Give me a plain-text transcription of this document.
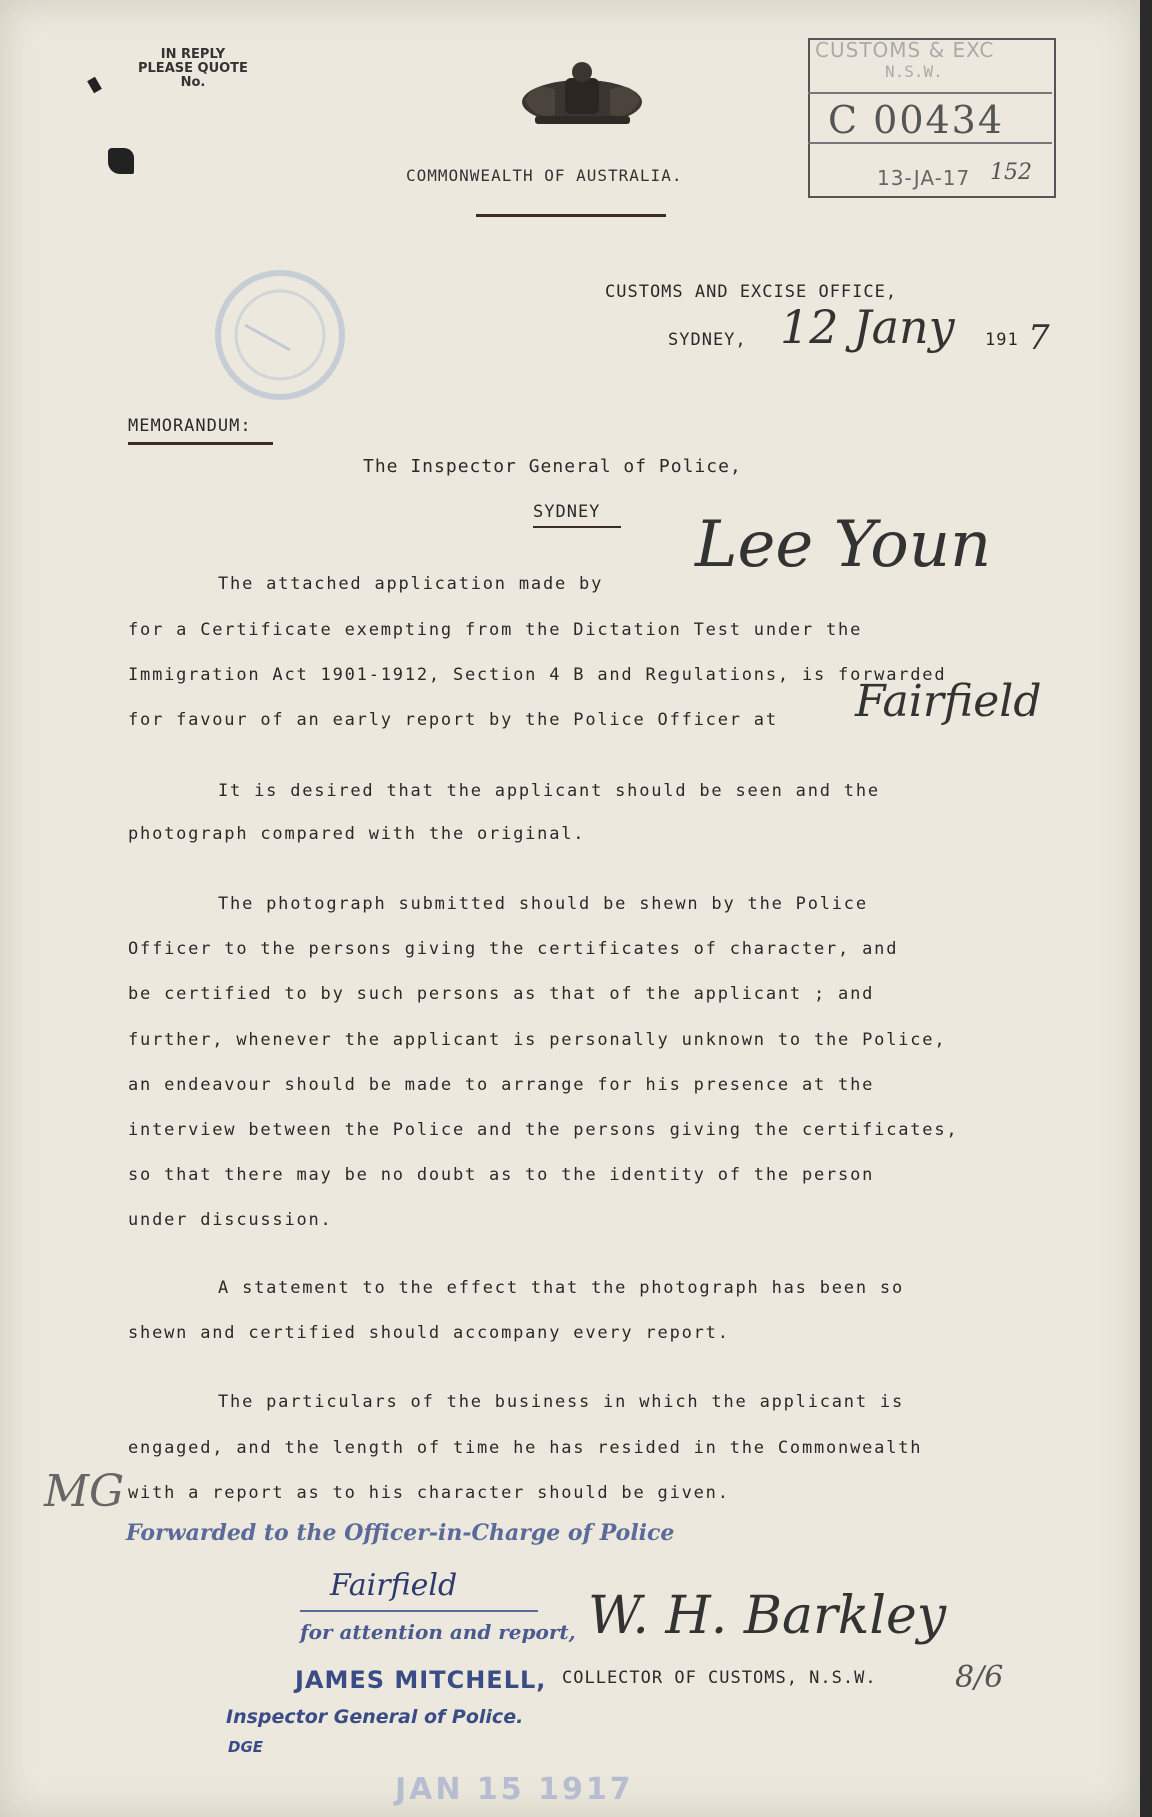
IN REPLY
PLEASE QUOTE
No.
COMMONWEALTH OF AUSTRALIA.
CUSTOMS & EXC
N.S.W.
C 00434
13-JA-17 152
CUSTOMS AND EXCISE OFFICE,
SYDNEY, 12 Jany 191 7
MEMORANDUM:
The Inspector General of Police,
SYDNEY Lee Youn
The attached application made by
for a Certificate exempting from the Dictation Test under the
Immigration Act 1901-1912, Section 4 B and Regulations, is forwarded
for favour of an early report by the Police Officer at Fairfield
It is desired that the applicant should be seen and the
photograph compared with the original.
The photograph submitted should be shewn by the Police
Officer to the persons giving the certificates of character, and
be certified to by such persons as that of the applicant ; and
further, whenever the applicant is personally unknown to the Police,
an endeavour should be made to arrange for his presence at the
interview between the Police and the persons giving the certificates,
so that there may be no doubt as to the identity of the person
under discussion.
A statement to the effect that the photograph has been so
shewn and certified should accompany every report.
The particulars of the business in which the applicant is
engaged, and the length of time he has resided in the Commonwealth
with a report as to his character should be given.
MG
Forwarded to the Officer-in-Charge of Police
Fairfield
for attention and report, W. H. Barkley
COLLECTOR OF CUSTOMS, N.S.W.	8/6
JAMES MITCHELL,
Inspector General of Police.
DGE
JAN 15 1917
